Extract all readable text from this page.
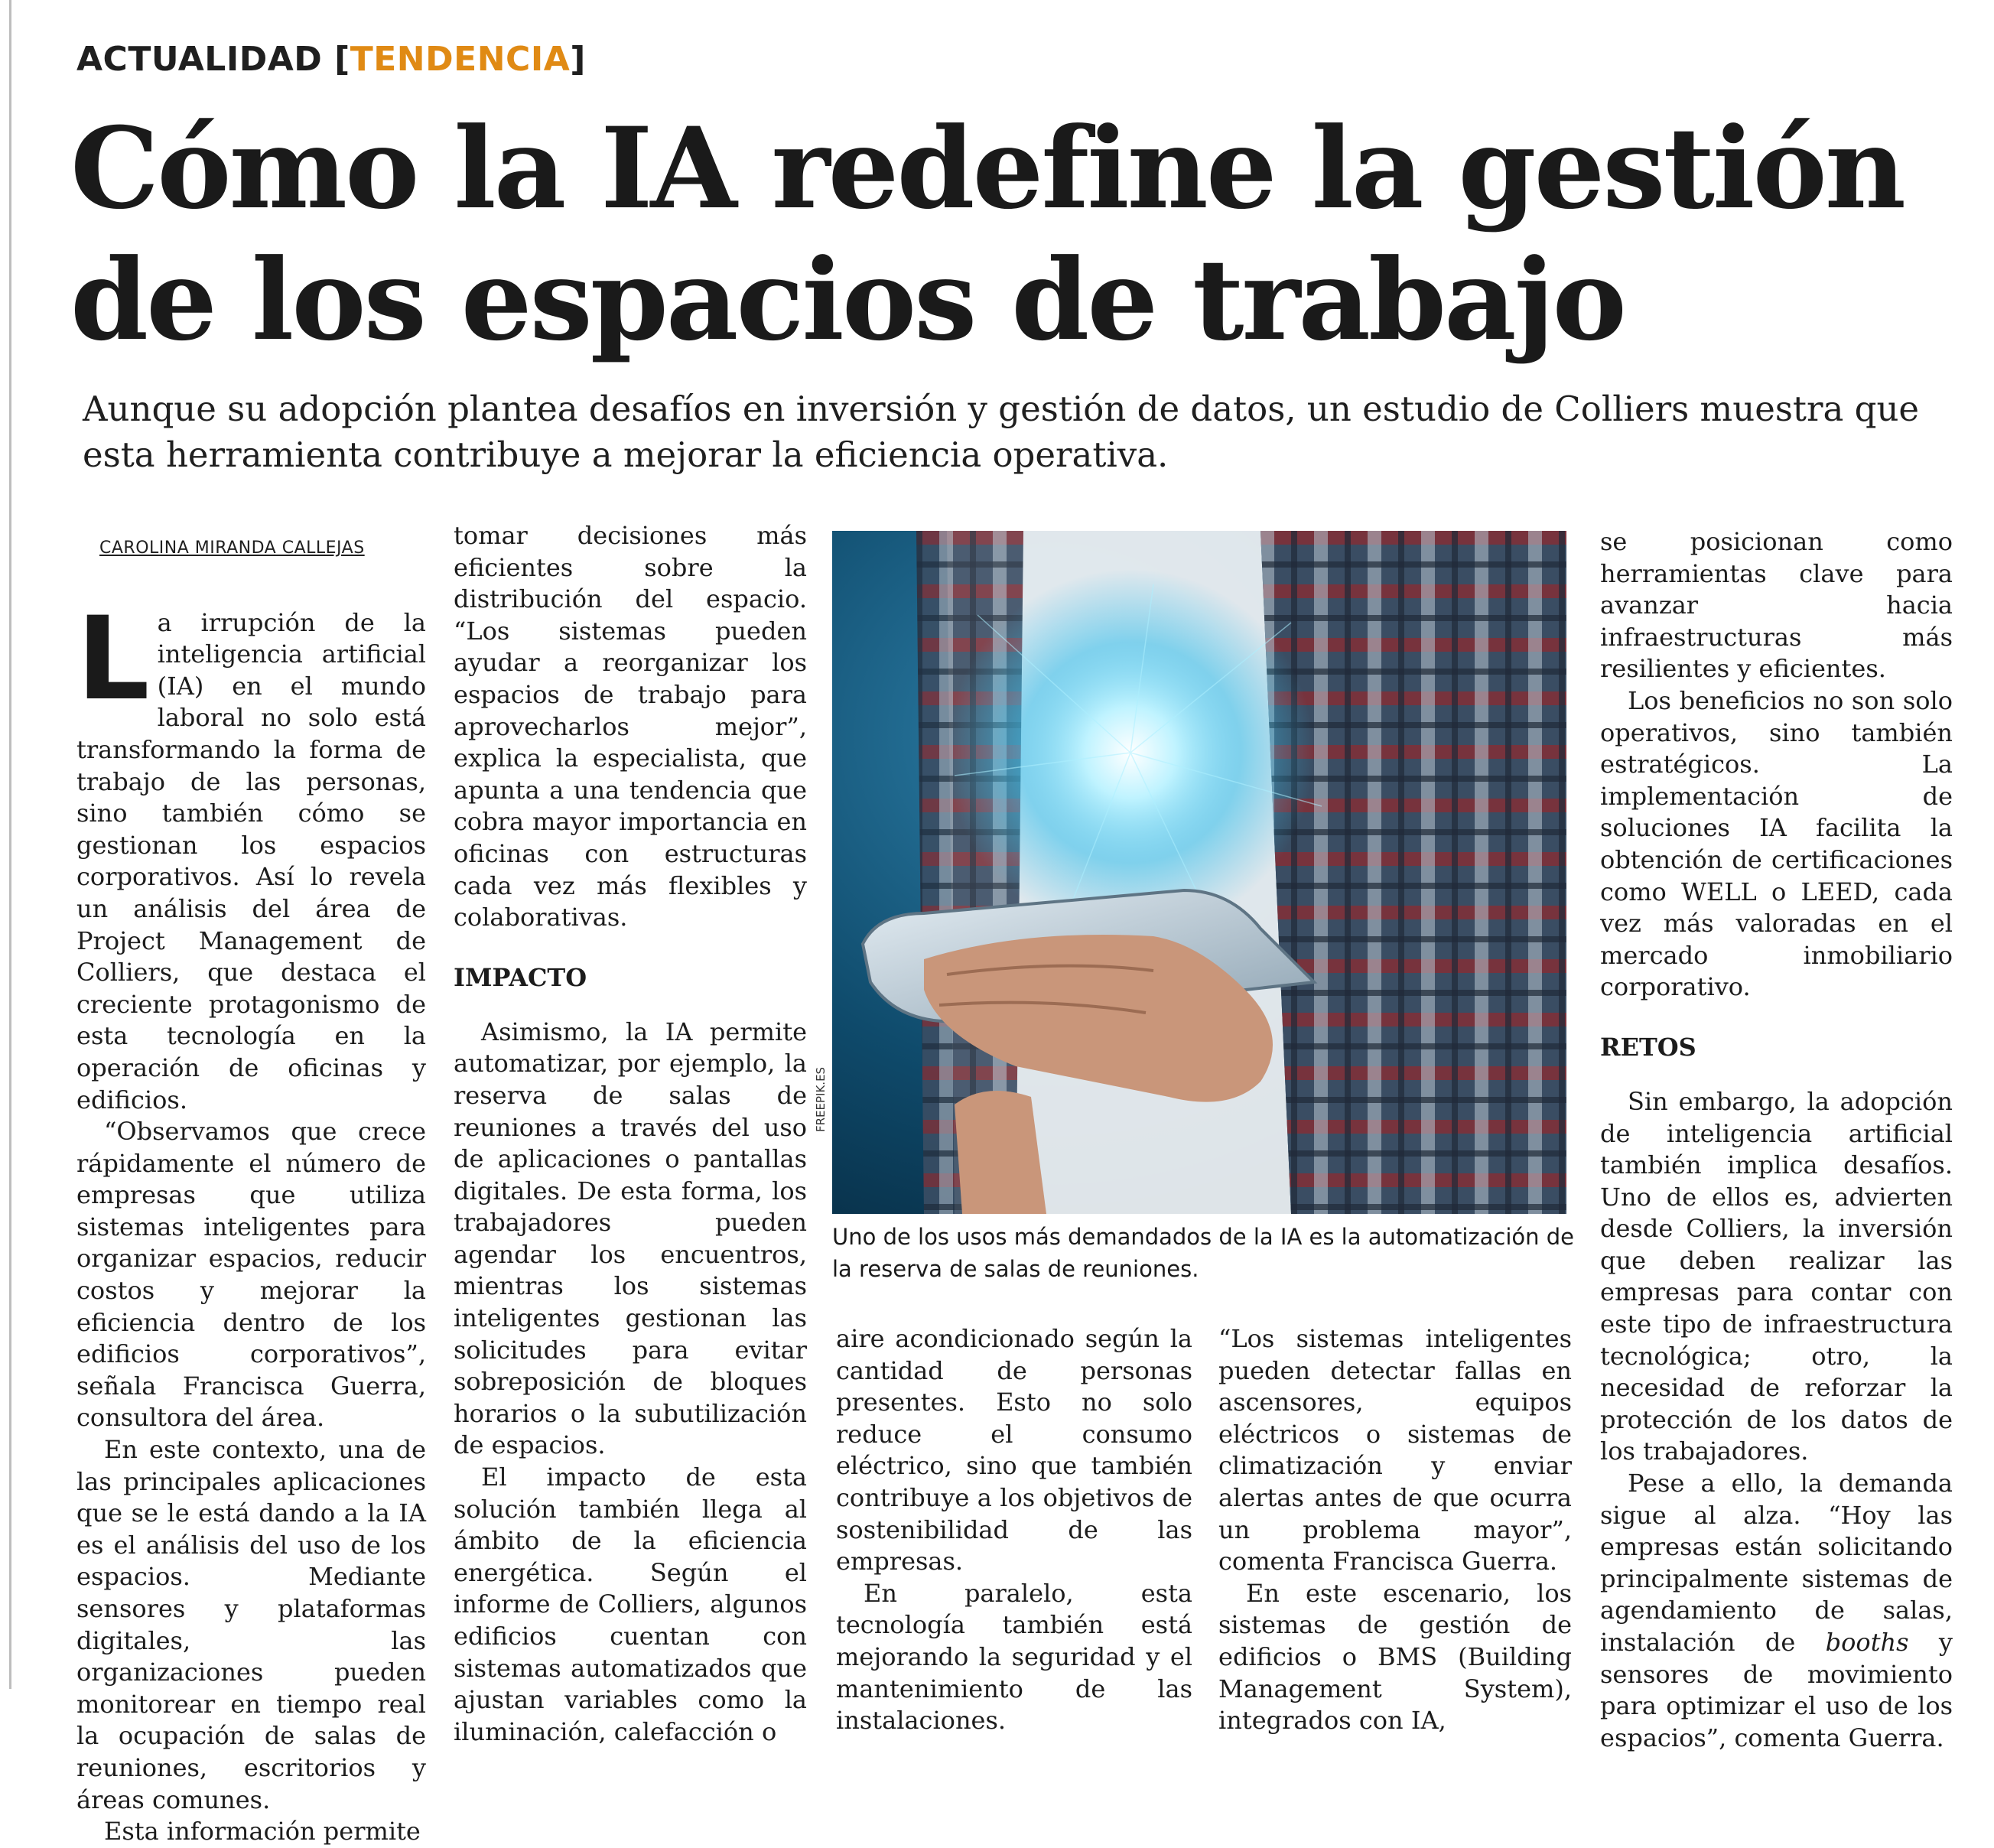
ACTUALIDAD [TENDENCIA]
Cómo la IA redefine la gestión de los espacios de trabajo

Aunque su adopción plantea desafíos en inversión y gestión de datos, un estudio de Colliers muestra que esta herramienta contribuye a mejorar la eficiencia operativa.

CAROLINA MIRANDA CALLEJAS

La irrupción de la inteligencia artificial (IA) en el mundo laboral no solo está transformando la forma de trabajo de las personas, sino también cómo se gestionan los espacios corporativos. Así lo revela un análisis del área de Project Management de Colliers, que destaca el creciente protagonismo de esta tecnología en la operación de oficinas y edificios.

“Observamos que crece rápidamente el número de empresas que utiliza sistemas inteligentes para organizar espacios, reducir costos y mejorar la eficiencia dentro de los edificios corporativos”, señala Francisca Guerra, consultora del área.

En este contexto, una de las principales aplicaciones que se le está dando a la IA es el análisis del uso de los espacios. Mediante sensores y plataformas digitales, las organizaciones pueden monitorear en tiempo real la ocupación de salas de reuniones, escritorios y áreas comunes.

Esta información permite

tomar decisiones más eficientes sobre la distribución del espacio. “Los sistemas pueden ayudar a reorganizar los espacios de trabajo para aprovecharlos mejor”, explica la especialista, que apunta a una tendencia que cobra mayor importancia en oficinas con estructuras cada vez más flexibles y colaborativas.

IMPACTO

Asimismo, la IA permite automatizar, por ejemplo, la reserva de salas de reuniones a través del uso de aplicaciones o pantallas digitales. De esta forma, los trabajadores pueden agendar los encuentros, mientras los sistemas inteligentes gestionan las solicitudes para evitar sobreposición de bloques horarios o la subutilización de espacios.

El impacto de esta solución también llega al ámbito de la eficiencia energética. Según el informe de Colliers, algunos edificios cuentan con sistemas automatizados que ajustan variables como la iluminación, calefacción o

FREEPIK.ES
Uno de los usos más demandados de la IA es la automatización de la reserva de salas de reuniones.

aire acondicionado según la cantidad de personas presentes. Esto no solo reduce el consumo eléctrico, sino que también contribuye a los objetivos de sostenibilidad de las empresas.

En paralelo, esta tecnología también está mejorando la seguridad y el mantenimiento de las instalaciones.

“Los sistemas inteligentes pueden detectar fallas en ascensores, equipos eléctricos o sistemas de climatización y enviar alertas antes de que ocurra un problema mayor”, comenta Francisca Guerra.

En este escenario, los sistemas de gestión de edificios o BMS (Building Management System), integrados con IA,

se posicionan como herramientas clave para avanzar hacia infraestructuras más resilientes y eficientes.

Los beneficios no son solo operativos, sino también estratégicos. La implementación de soluciones IA facilita la obtención de certificaciones como WELL o LEED, cada vez más valoradas en el mercado inmobiliario corporativo.

RETOS

Sin embargo, la adopción de inteligencia artificial también implica desafíos. Uno de ellos es, advierten desde Colliers, la inversión que deben realizar las empresas para contar con este tipo de infraestructura tecnológica; otro, la necesidad de reforzar la protección de los datos de los trabajadores.

Pese a ello, la demanda sigue al alza. “Hoy las empresas están solicitando principalmente sistemas de agendamiento de salas, instalación de booths y sensores de movimiento para optimizar el uso de los espacios”, comenta Guerra.
